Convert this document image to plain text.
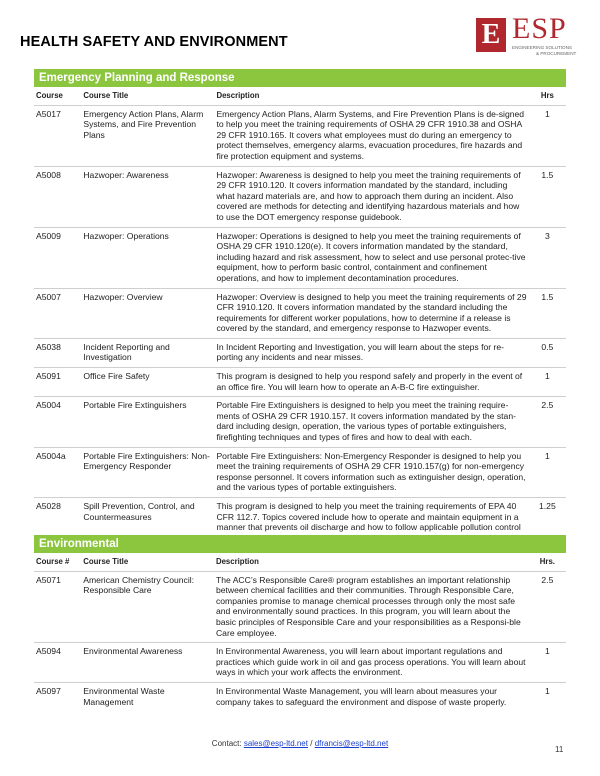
HEALTH SAFETY AND ENVIRONMENT	E ESP
ENGINEERING SOLUTIONS
& PROCUREMENT
Emergency Planning and Response
Course	Course Title	Description	Hrs
A5017	Emergency Action Plans, Alarm Systems, and Fire Prevention Plans	Emergency Action Plans, Alarm Systems, and Fire Prevention Plans is de-signed to help you meet the training requirements of OSHA 29 CFR 1910.38 and OSHA 29 CFR 1910.165. It covers what employees must do during an emergency to protect themselves, emergency alarms, evacuation procedures, fire hazards and fire protection equipment and systems.	1
A5008	Hazwoper: Awareness	Hazwoper: Awareness is designed to help you meet the training requirements of 29 CFR 1910.120. It covers information mandated by the standard, including what hazard materials are, and how to approach them during an incident. Also covered are methods for detecting and identifying hazardous materials and how to use the DOT emergency response guidebook.	1.5
A5009	Hazwoper: Operations	Hazwoper: Operations is designed to help you meet the training requirements of OSHA 29 CFR 1910.120(e). It covers information mandated by the standard, including hazard and risk assessment, how to select and use personal protec-tive equipment, how to perform basic control, containment and confinement operations, and how to implement decontamination procedures.	3
A5007	Hazwoper: Overview	Hazwoper: Overview is designed to help you meet the training requirements of 29 CFR 1910.120. It covers information mandated by the standard including the requirements for different worker populations, how to determine if a release is covered by the standard, and emergency response to Hazwoper events.	1.5
A5038	Incident Reporting and Investigation	In Incident Reporting and Investigation, you will learn about the steps for re-porting any incidents and near misses.	0.5
A5091	Office Fire Safety	This program is designed to help you respond safely and properly in the event of an office fire. You will learn how to operate an A-B-C fire extinguisher.	1
A5004	Portable Fire Extinguishers	Portable Fire Extinguishers is designed to help you meet the training require-ments of OSHA 29 CFR 1910.157. It covers information mandated by the stan-dard including design, operation, the various types of portable extinguishers, firefighting techniques and types of fires and how to deal with each.	2.5
A5004a	Portable Fire Extinguishers: Non-Emergency Responder	Portable Fire Extinguishers: Non-Emergency Responder is designed to help you meet the training requirements of OSHA 29 CFR 1910.157(g) for non-emergency response personnel. It covers information such as extinguisher design, operation, and the various types of portable extinguishers.	1
A5028	Spill Prevention, Control, and Countermeasures	This program is designed to help you meet the training requirements of EPA 40 CFR 112.7. Topics covered include how to operate and maintain equipment in a manner that prevents oil discharge and how to follow applicable pollution control	1.25
Environmental
Course #	Course Title	Description	Hrs.
A5071	American Chemistry Council: Responsible Care	The ACC’s Responsible Care® program establishes an important relationship between chemical facilities and their communities. Through Responsible Care, companies promise to manage chemical processes through only the most safe and environmentally sound practices. In this program, you will learn about the basic principles of Responsible Care and your responsibilities as a Responsi-ble Care employee.	2.5
A5094	Environmental Awareness	In Environmental Awareness, you will learn about important regulations and practices which guide work in oil and gas process operations. You will learn about ways in which your work affects the environment.	1
A5097	Environmental Waste Management	In Environmental Waste Management, you will learn about measures your company takes to safeguard the environment and dispose of waste properly.	1
Contact: sales@esp-ltd.net / dfrancis@esp-ltd.net
11
